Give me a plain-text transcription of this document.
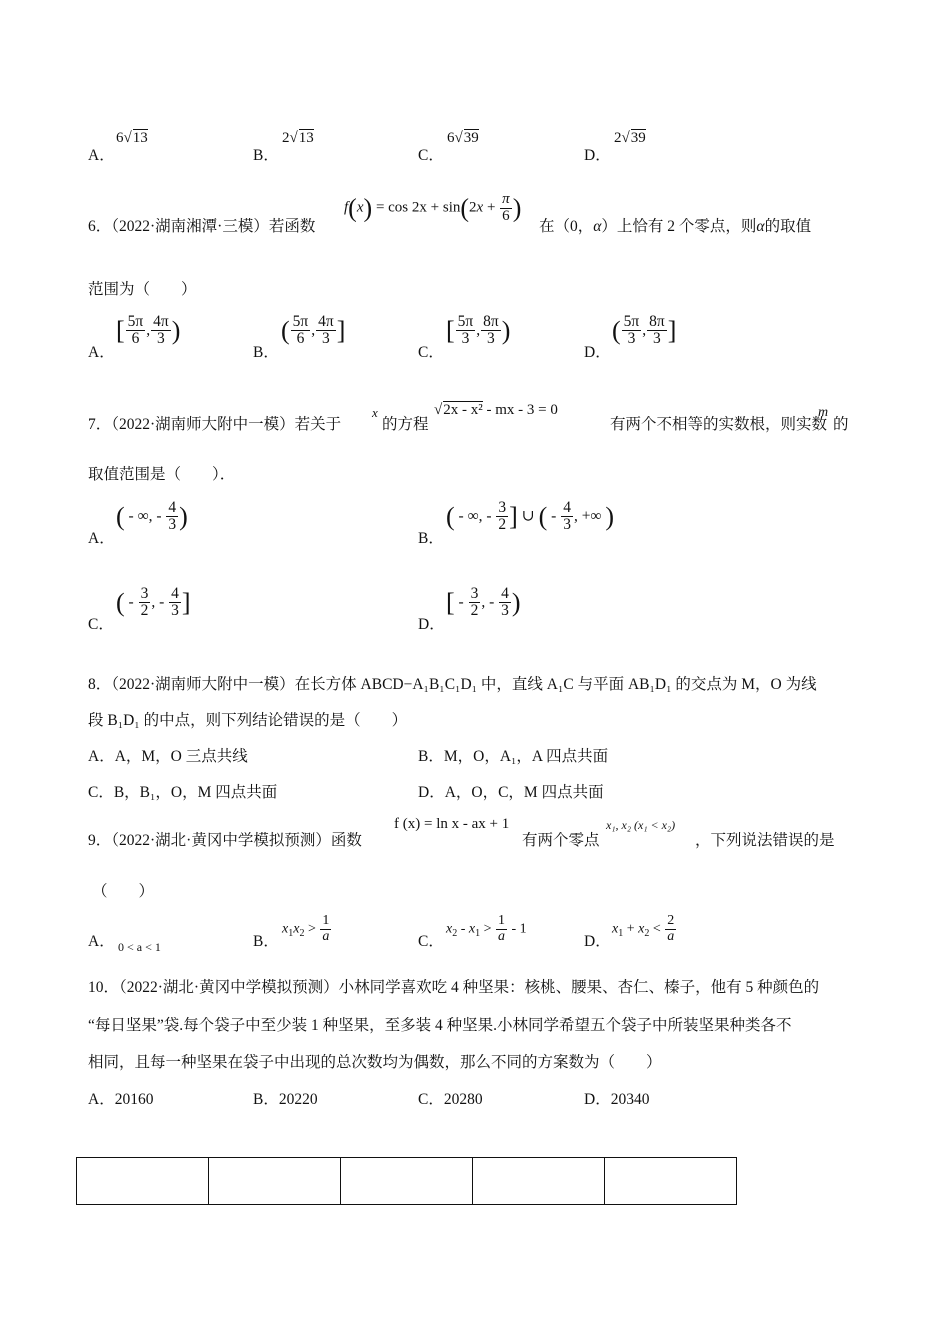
A．
6√13
B．
2√13
C．
6√39
D．
2√39
6．（2022·湖南湘潭·三模）若函数
$f(x) = \cos 2x + \sin(2x + \frac{\pi}{6}$ )
在（0，α）上恰有 2 个零点，则α的取值
范围为（　　）
A．
[ $\frac{5\pi}{6}$ , $\frac{4\pi}{3}$ )
B．
( $\frac{5\pi}{6}$ , $\frac{4\pi}{3}$ ]
C．
[ $\frac{5\pi}{3}$ , $\frac{8\pi}{3}$ )
D．
( $\frac{5\pi}{3}$ , $\frac{8\pi}{3}$ ]
7．（2022·湖南师大附中一模）若关于
x
的方程
√2x - x² - mx - 3 = 0
有两个不相等的实数根，则实数
m
的
取值范围是（　　）．
A．
( - ∞, - $\frac{4}{3}$ )
B．
( - ∞, - $\frac{3}{2}$ ] ∪ ( - $\frac{4}{3}$ , +∞ )
C．
( - $\frac{3}{2}$ , - $\frac{4}{3}$ ]
D．
[ - $\frac{3}{2}$ , - $\frac{4}{3}$ )
8．（2022·湖南师大附中一模）在长方体 ABCD−A₁B₁C₁D₁ 中，直线 A₁C 与平面 AB₁D₁ 的交点为 M，O 为线
段 B₁D₁ 的中点，则下列结论错误的是（　　）
A．A，M，O 三点共线	B．M，O，A₁，A 四点共面
C．B，B₁，O，M 四点共面	D．A，O，C，M 四点共面
9．（2022·湖北·黄冈中学模拟预测）函数
f (x) = ln x - ax + 1
有两个零点
x₁, x₂ (x₁ < x₂)
，下列说法错误的是
（　　）
A． 0 < a < 1	B．
$x_1x_2 > \frac{1}{a}$	C．
$x_2 - x_1 > \frac{1}{a} - 1$
D．
$x_1 + x_2 < \frac{2}{a}$
10．（2022·湖北·黄冈中学模拟预测）小林同学喜欢吃 4 种坚果：核桃、腰果、杏仁、榛子，他有 5 种颜色的
“每日坚果”袋.每个袋子中至少装 1 种坚果，至多装 4 种坚果.小林同学希望五个袋子中所装坚果种类各不
相同，且每一种坚果在袋子中出现的总次数均为偶数，那么不同的方案数为（　　）
A．20160	B．20220	C．20280	D．20340
